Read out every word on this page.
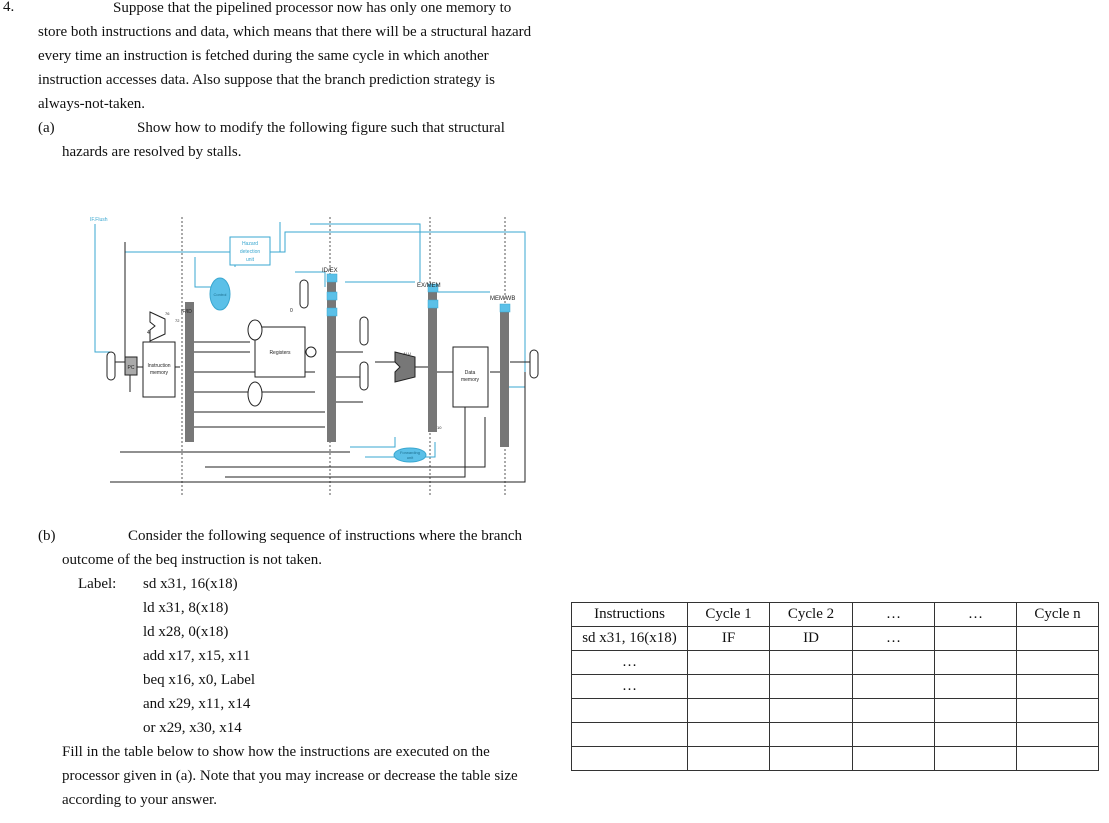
4.	Suppose that the pipelined processor now has only one memory to
store both instructions and data, which means that there will be a structural hazard
every time an instruction is fetched during the same cycle in which another
instruction accesses data. Also suppose that the branch prediction strategy is
always-not-taken.
(a)	Show how to modify the following figure such that structural
hazards are resolved by stalls.
Hazard
detection
unit
Control
Registers
Instruction
memory	Data
memory
ALU
Forwarding
unit
PC
IF.Flush
ID/EX
EX/MEM
MEM/WB
IF/ID
4
0
76
72
10
(b)	Consider the following sequence of instructions where the branch
outcome of the beq instruction is not taken.
Label: sd x31, 16(x18)
ld x31, 8(x18)
ld x28, 0(x18)
add x17, x15, x11
beq x16, x0, Label
and x29, x11, x14
or x29, x30, x14
Fill in the table below to show how the instructions are executed on the
processor given in (a). Note that you may increase or decrease the table size
according to your answer.
Instructions	Cycle 1	Cycle 2	…	…	Cycle n
sd x31, 16(x18)	IF	ID	…		
…					
…					
